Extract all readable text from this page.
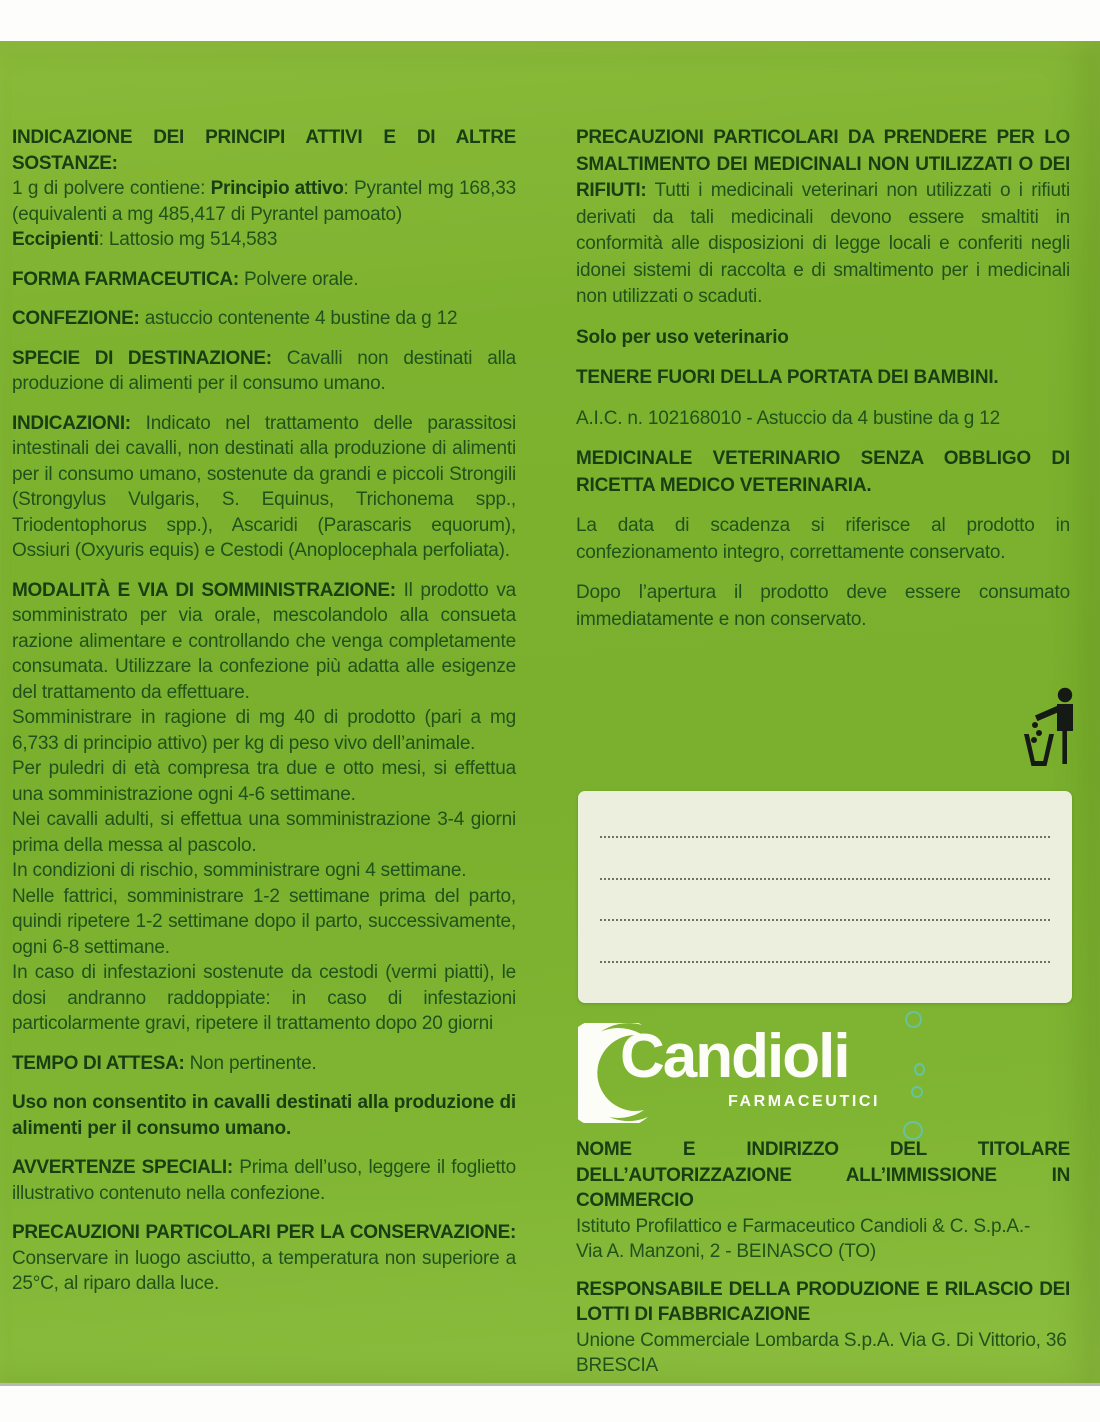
INDICAZIONE DEI PRINCIPI ATTIVI E DI ALTRE SOSTANZE:

1 g di polvere contiene: Principio attivo: Pyrantel mg 168,33 (equivalenti a mg 485,417 di Pyrantel pamoato)

Eccipienti: Lattosio mg 514,583

FORMA FARMACEUTICA: Polvere orale.

CONFEZIONE: astuccio contenente 4 bustine da g 12

SPECIE DI DESTINAZIONE: Cavalli non destinati alla produzione di alimenti per il consumo umano.

INDICAZIONI: Indicato nel trattamento delle parassitosi intestinali dei cavalli, non destinati alla produzione di alimenti per il consumo umano, sostenute da grandi e piccoli Strongili (Strongylus Vulgaris, S. Equinus, Trichonema spp., Triodentophorus spp.), Ascaridi (Parascaris equorum), Ossiuri (Oxyuris equis) e Cestodi (Anoplocephala perfoliata).

MODALITÀ E VIA DI SOMMINISTRAZIONE: Il prodotto va somministrato per via orale, mescolandolo alla consueta razione alimentare e controllando che venga completamente consumata. Utilizzare la confezione più adatta alle esigenze del trattamento da effettuare.

Somministrare in ragione di mg 40 di prodotto (pari a mg 6,733 di principio attivo) per kg di peso vivo dell’animale.

Per puledri di età compresa tra due e otto mesi, si effettua una somministrazione ogni 4-6 settimane.

Nei cavalli adulti, si effettua una somministrazione 3-4 giorni prima della messa al pascolo.

In condizioni di rischio, somministrare ogni 4 settimane.

Nelle fattrici, somministrare 1-2 settimane prima del parto, quindi ripetere 1-2 settimane dopo il parto, successivamente, ogni 6-8 settimane.

In caso di infestazioni sostenute da cestodi (vermi piatti), le dosi andranno raddoppiate: in caso di infestazioni particolarmente gravi, ripetere il trattamento dopo 20 giorni

TEMPO DI ATTESA: Non pertinente.

Uso non consentito in cavalli destinati alla produzione di alimenti per il consumo umano.

AVVERTENZE SPECIALI: Prima dell’uso, leggere il foglietto illustrativo contenuto nella confezione.

PRECAUZIONI PARTICOLARI PER LA CONSERVAZIONE: Conservare in luogo asciutto, a temperatura non superiore a 25°C, al riparo dalla luce.

PRECAUZIONI PARTICOLARI DA PRENDERE PER LO SMALTIMENTO DEI MEDICINALI NON UTILIZZATI O DEI RIFIUTI: Tutti i medicinali veterinari non utilizzati o i rifiuti derivati da tali medicinali devono essere smaltiti in conformità alle disposizioni di legge locali e conferiti negli idonei sistemi di raccolta e di smaltimento per i medicinali non utilizzati o scaduti.

Solo per uso veterinario

TENERE FUORI DELLA PORTATA DEI BAMBINI.

A.I.C. n. 102168010 - Astuccio da 4 bustine da g 12

MEDICINALE VETERINARIO SENZA OBBLIGO DI RICETTA MEDICO VETERINARIA.

La data di scadenza si riferisce al prodotto in confezionamento integro, correttamente conservato.

Dopo l’apertura il prodotto deve essere consumato immediatamente e non conservato.

Candioli
FARMACEUTICI

NOME E INDIRIZZO DEL TITOLARE DELL’AUTORIZZAZIONE ALL’IMMISSIONE IN COMMERCIO

Istituto Profilattico e Farmaceutico Candioli & C. S.p.A.-
Via A. Manzoni, 2 - BEINASCO (TO)

RESPONSABILE DELLA PRODUZIONE E RILASCIO DEI LOTTI DI FABBRICAZIONE

Unione Commerciale Lombarda S.p.A. Via G. Di Vittorio, 36
BRESCIA
